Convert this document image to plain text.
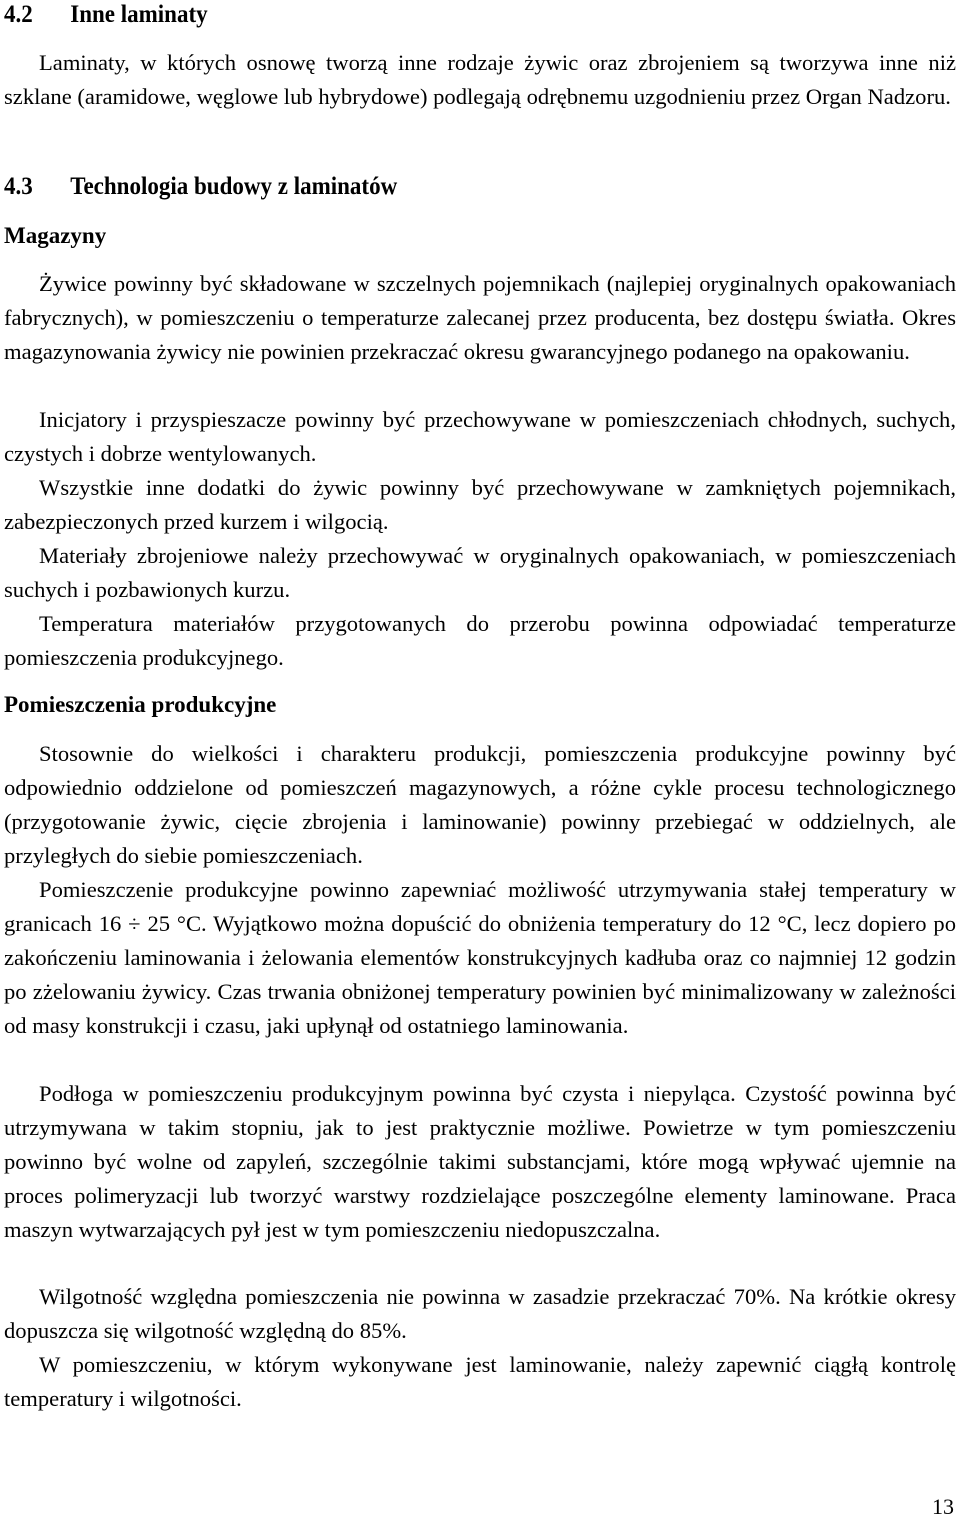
4.2 Inne laminaty

Laminaty, w których osnowę tworzą inne rodzaje żywic oraz zbrojeniem są tworzywa inne niż szklane (aramidowe, węglowe lub hybrydowe) podlegają odrębnemu uzgodnieniu przez Organ Nadzoru.

4.3 Technologia budowy z laminatów
Magazyny

Żywice powinny być składowane w szczelnych pojemnikach (najlepiej oryginalnych opakowaniach fabrycznych), w pomieszczeniu o temperaturze zalecanej przez producenta, bez dostępu światła. Okres magazynowania żywicy nie powinien przekraczać okresu gwarancyjnego podanego na opakowaniu.

Inicjatory i przyspieszacze powinny być przechowywane w pomieszczeniach chłodnych, suchych, czystych i dobrze wentylowanych.

Wszystkie inne dodatki do żywic powinny być przechowywane w zamkniętych pojemnikach, zabezpieczonych przed kurzem i wilgocią.

Materiały zbrojeniowe należy przechowywać w oryginalnych opakowaniach, w pomieszczeniach suchych i pozbawionych kurzu.

Temperatura materiałów przygotowanych do przerobu powinna odpowiadać temperaturze pomieszczenia produkcyjnego.

Pomieszczenia produkcyjne

Stosownie do wielkości i charakteru produkcji, pomieszczenia produkcyjne powinny być odpowiednio oddzielone od pomieszczeń magazynowych, a różne cykle procesu technologicznego (przygotowanie żywic, cięcie zbrojenia i laminowanie) powinny przebiegać w oddzielnych, ale przyległych do siebie pomieszczeniach.

Pomieszczenie produkcyjne powinno zapewniać możliwość utrzymywania stałej temperatury w granicach 16 ÷ 25 °C. Wyjątkowo można dopuścić do obniżenia temperatury do 12 °C, lecz dopiero po zakończeniu laminowania i żelowania elementów konstrukcyjnych kadłuba oraz co najmniej 12 godzin po zżelowaniu żywicy. Czas trwania obniżonej temperatury powinien być minimalizowany w zależności od masy konstrukcji i czasu, jaki upłynął od ostatniego laminowania.

Podłoga w pomieszczeniu produkcyjnym powinna być czysta i niepyląca. Czystość powinna być utrzymywana w takim stopniu, jak to jest praktycznie możliwe. Powietrze w tym pomieszczeniu powinno być wolne od zapyleń, szczególnie takimi substancjami, które mogą wpływać ujemnie na proces polimeryzacji lub tworzyć warstwy rozdzielające poszczególne elementy laminowane. Praca maszyn wytwarzających pył jest w tym pomieszczeniu niedopuszczalna.

Wilgotność względna pomieszczenia nie powinna w zasadzie przekraczać 70%. Na krótkie okresy dopuszcza się wilgotność względną do 85%.

W pomieszczeniu, w którym wykonywane jest laminowanie, należy zapewnić ciągłą kontrolę temperatury i wilgotności.

13
